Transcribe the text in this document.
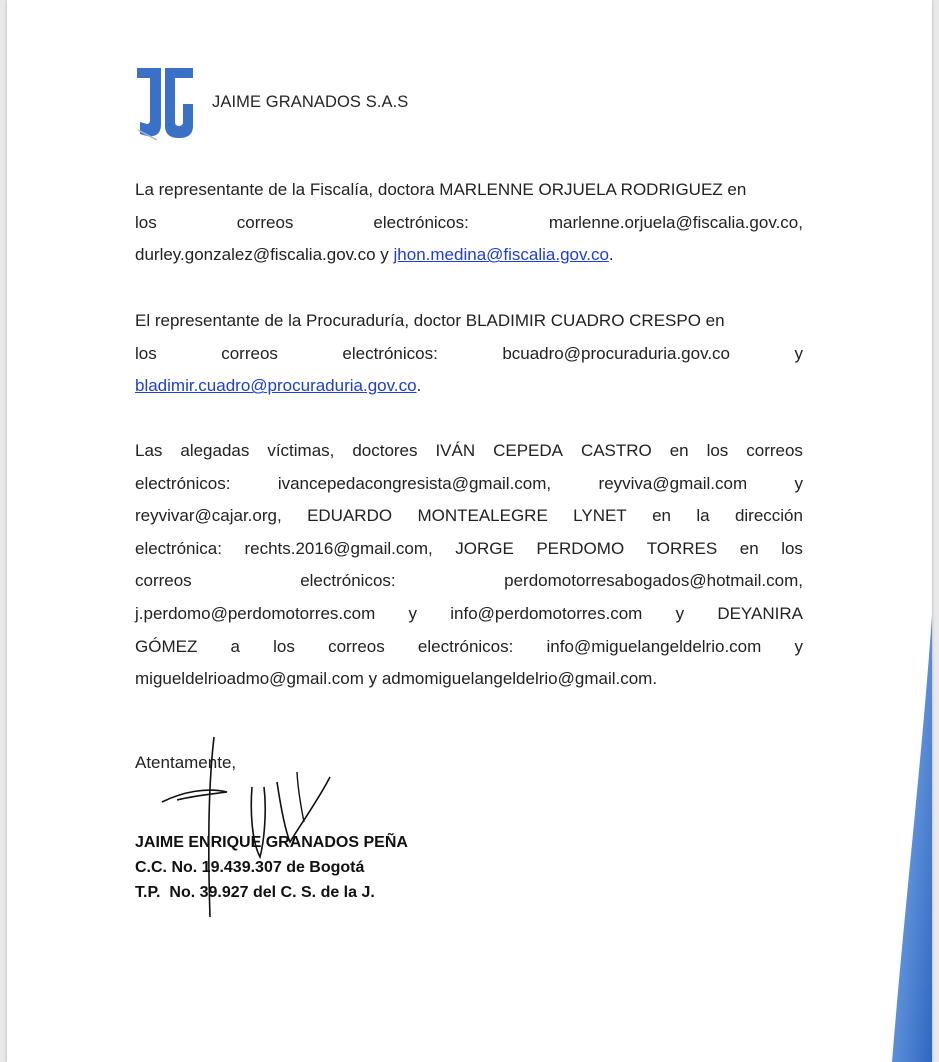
JAIME GRANADOS S.A.S
La representante de la Fiscalía, doctora MARLENNE ORJUELA RODRIGUEZ en
los	correos	electrónicos:	marlenne.orjuela@fiscalia.gov.co,
durley.gonzalez@fiscalia.gov.co y jhon.medina@fiscalia.gov.co.
El representante de la Procuraduría, doctor BLADIMIR CUADRO CRESPO en
los	correos	electrónicos:	bcuadro@procuraduria.gov.co	y
bladimir.cuadro@procuraduria.gov.co.
Las alegadas víctimas, doctores IVÁN CEPEDA CASTRO en los correos
electrónicos:	ivancepedacongresista@gmail.com,	reyviva@gmail.com	y
reyvivar@cajar.org, EDUARDO MONTEALEGRE LYNET en la dirección
electrónica: rechts.2016@gmail.com, JORGE PERDOMO TORRES en los
correos	electrónicos:	perdomotorresabogados@hotmail.com,
j.perdomo@perdomotorres.com y info@perdomotorres.com y DEYANIRA
GÓMEZ a los correos electrónicos: info@miguelangeldelrio.com y
migueldelrioadmo@gmail.com y admomiguelangeldelrio@gmail.com.
Atentamente,
JAIME ENRIQUE GRANADOS PEÑA
C.C. No. 19.439.307 de Bogotá
T.P.  No. 39.927 del C. S. de la J.
